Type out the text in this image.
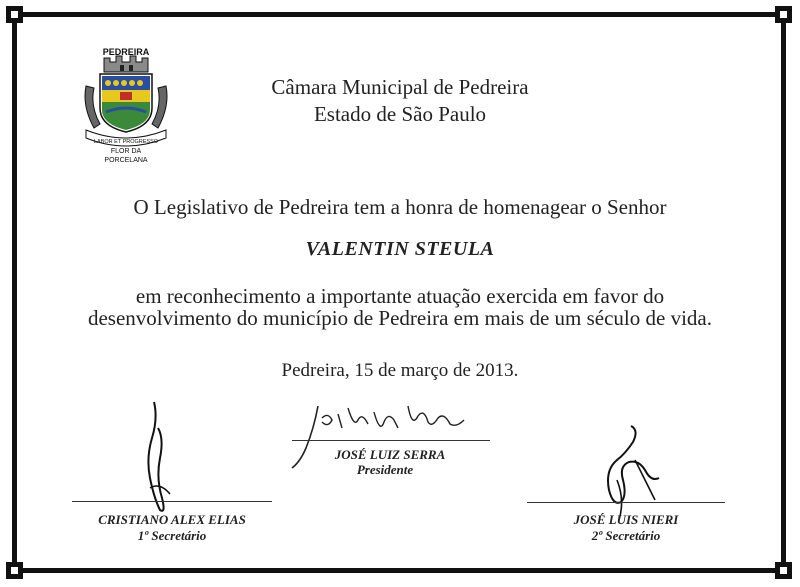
PEDREIRA
LABOR ET PROGRESSO
FLOR DA
PORCELANA
Câmara Municipal de Pedreira
Estado de São Paulo
O Legislativo de Pedreira tem a honra de homenagear o Senhor
VALENTIN STEULA
em reconhecimento a importante atuação exercida em favor do
desenvolvimento do município de Pedreira em mais de um século de vida.
Pedreira, 15 de março de 2013.
JOSÉ LUIZ SERRA
Presidente
CRISTIANO ALEX ELIAS
1º Secretário
JOSÉ LUIS NIERI
2º Secretário
